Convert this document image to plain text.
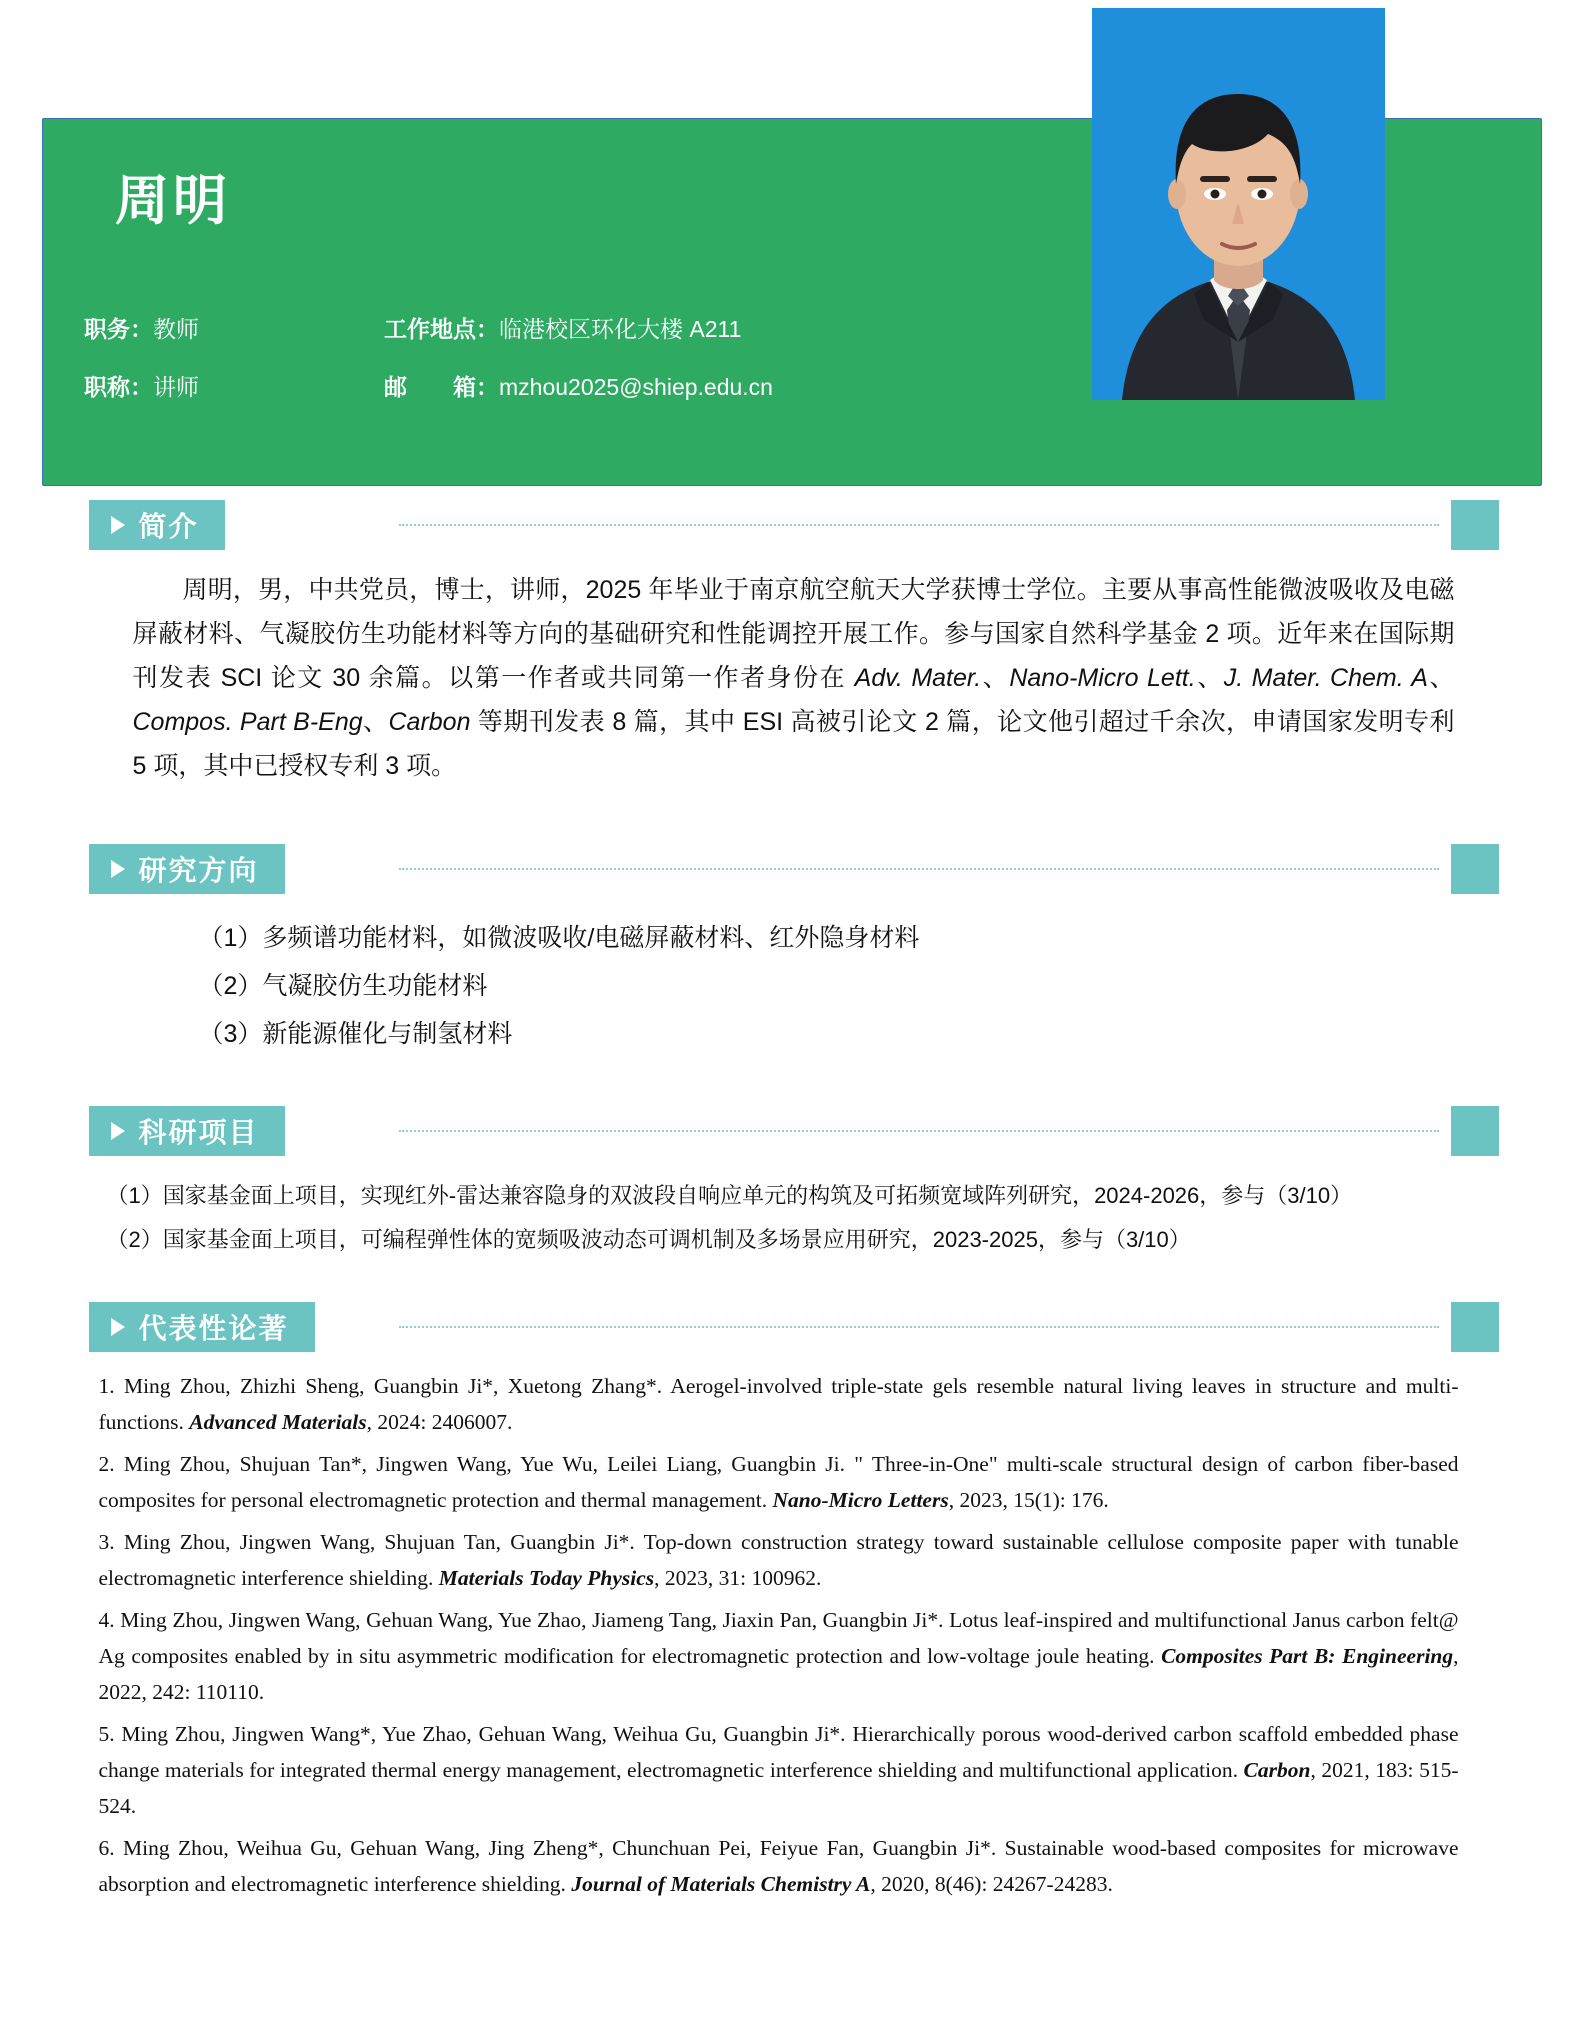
周明
职务： 教师	工作地点： 临港校区环化大楼 A211
职称： 讲师	邮　　箱： mzhou2025@shiep.edu.cn
简介
周明，男，中共党员，博士，讲师，2025 年毕业于南京航空航天大学获博士学位。主要从事高性能微波吸收及电磁屏蔽材料、气凝胶仿生功能材料等方向的基础研究和性能调控开展工作。参与国家自然科学基金 2 项。近年来在国际期刊发表 SCI 论文 30 余篇。以第一作者或共同第一作者身份在 Adv. Mater.、Nano-Micro Lett.、J. Mater. Chem. A、Compos. Part B-Eng、Carbon 等期刊发表 8 篇，其中 ESI 高被引论文 2 篇，论文他引超过千余次，申请国家发明专利 5 项，其中已授权专利 3 项。
研究方向
（1）多频谱功能材料，如微波吸收/电磁屏蔽材料、红外隐身材料
（2）气凝胶仿生功能材料
（3）新能源催化与制氢材料
科研项目
（1）国家基金面上项目，实现红外-雷达兼容隐身的双波段自响应单元的构筑及可拓频宽域阵列研究，2024-2026，参与（3/10）
（2）国家基金面上项目，可编程弹性体的宽频吸波动态可调机制及多场景应用研究，2023-2025，参与（3/10）
代表性论著
1. Ming Zhou, Zhizhi Sheng, Guangbin Ji*, Xuetong Zhang*. Aerogel-involved triple-state gels resemble natural living leaves in structure and multi-functions. Advanced Materials, 2024: 2406007.
2. Ming Zhou, Shujuan Tan*, Jingwen Wang, Yue Wu, Leilei Liang, Guangbin Ji. " Three-in-One" multi-scale structural design of carbon fiber-based composites for personal electromagnetic protection and thermal management. Nano-Micro Letters, 2023, 15(1): 176.
3. Ming Zhou, Jingwen Wang, Shujuan Tan, Guangbin Ji*. Top-down construction strategy toward sustainable cellulose composite paper with tunable electromagnetic interference shielding. Materials Today Physics, 2023, 31: 100962.
4. Ming Zhou, Jingwen Wang, Gehuan Wang, Yue Zhao, Jiameng Tang, Jiaxin Pan, Guangbin Ji*. Lotus leaf-inspired and multifunctional Janus carbon felt@ Ag composites enabled by in situ asymmetric modification for electromagnetic protection and low-voltage joule heating. Composites Part B: Engineering, 2022, 242: 110110.
5. Ming Zhou, Jingwen Wang*, Yue Zhao, Gehuan Wang, Weihua Gu, Guangbin Ji*. Hierarchically porous wood-derived carbon scaffold embedded phase change materials for integrated thermal energy management, electromagnetic interference shielding and multifunctional application. Carbon, 2021, 183: 515-524.
6. Ming Zhou, Weihua Gu, Gehuan Wang, Jing Zheng*, Chunchuan Pei, Feiyue Fan, Guangbin Ji*. Sustainable wood-based composites for microwave absorption and electromagnetic interference shielding. Journal of Materials Chemistry A, 2020, 8(46): 24267-24283.
